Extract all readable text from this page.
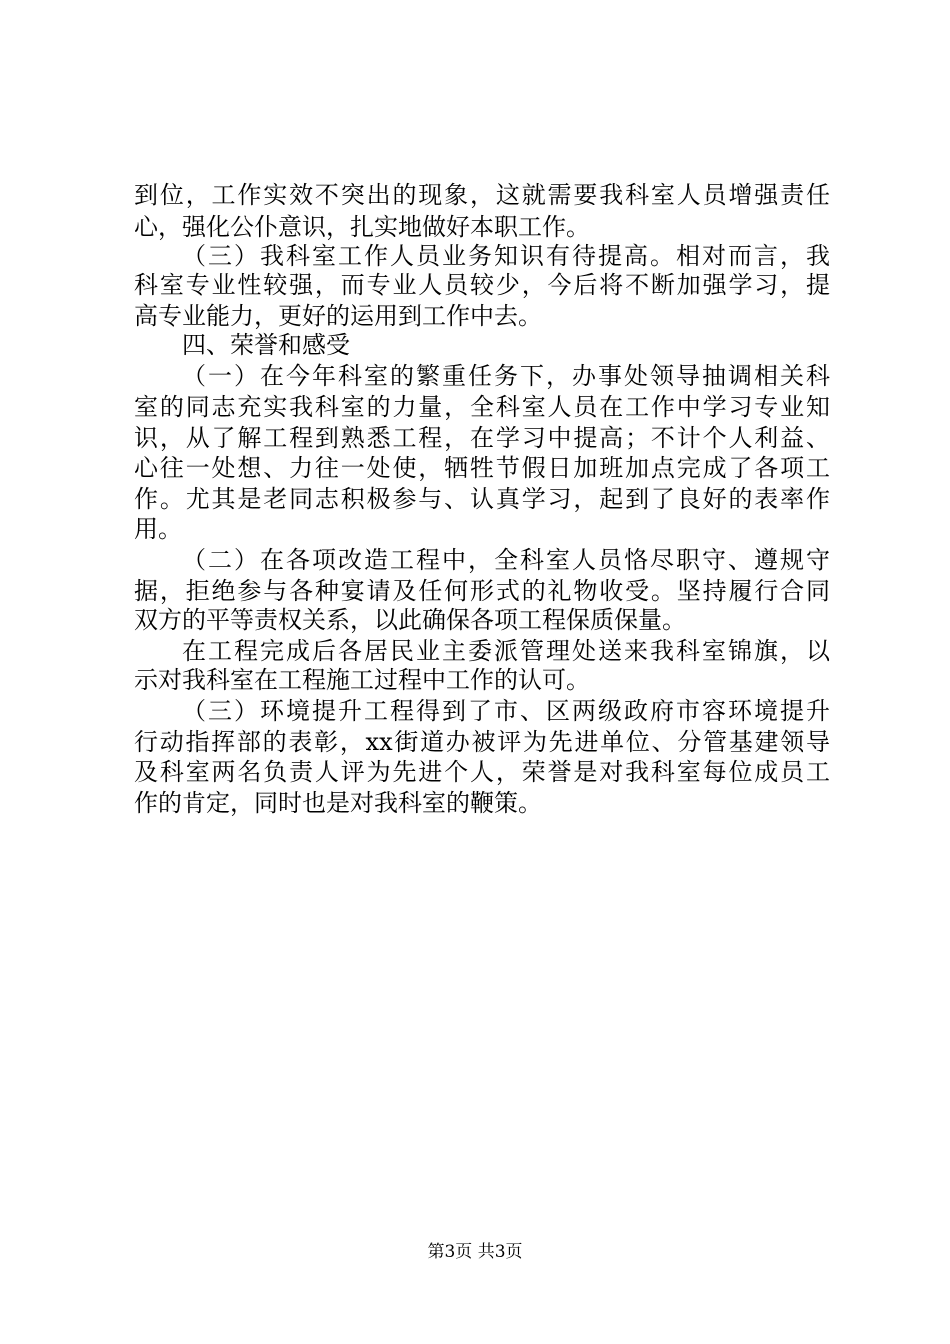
到位，工作实效不突出的现象，这就需要我科室人员增强责任
心，强化公仆意识，扎实地做好本职工作。
（三）我科室工作人员业务知识有待提高。相对而言，我
科室专业性较强，而专业人员较少，今后将不断加强学习，提
高专业能力，更好的运用到工作中去。
四、荣誉和感受
（一）在今年科室的繁重任务下，办事处领导抽调相关科
室的同志充实我科室的力量，全科室人员在工作中学习专业知
识，从了解工程到熟悉工程，在学习中提高；不计个人利益、
心往一处想、力往一处使，牺牲节假日加班加点完成了各项工
作。尤其是老同志积极参与、认真学习，起到了良好的表率作
用。
（二）在各项改造工程中，全科室人员恪尽职守、遵规守
据，拒绝参与各种宴请及任何形式的礼物收受。坚持履行合同
双方的平等责权关系，以此确保各项工程保质保量。
在工程完成后各居民业主委派管理处送来我科室锦旗，以
示对我科室在工程施工过程中工作的认可。
（三）环境提升工程得到了市、区两级政府市容环境提升
行动指挥部的表彰，xx街道办被评为先进单位、分管基建领导
及科室两名负责人评为先进个人，荣誉是对我科室每位成员工
作的肯定，同时也是对我科室的鞭策。
第3页 共3页
